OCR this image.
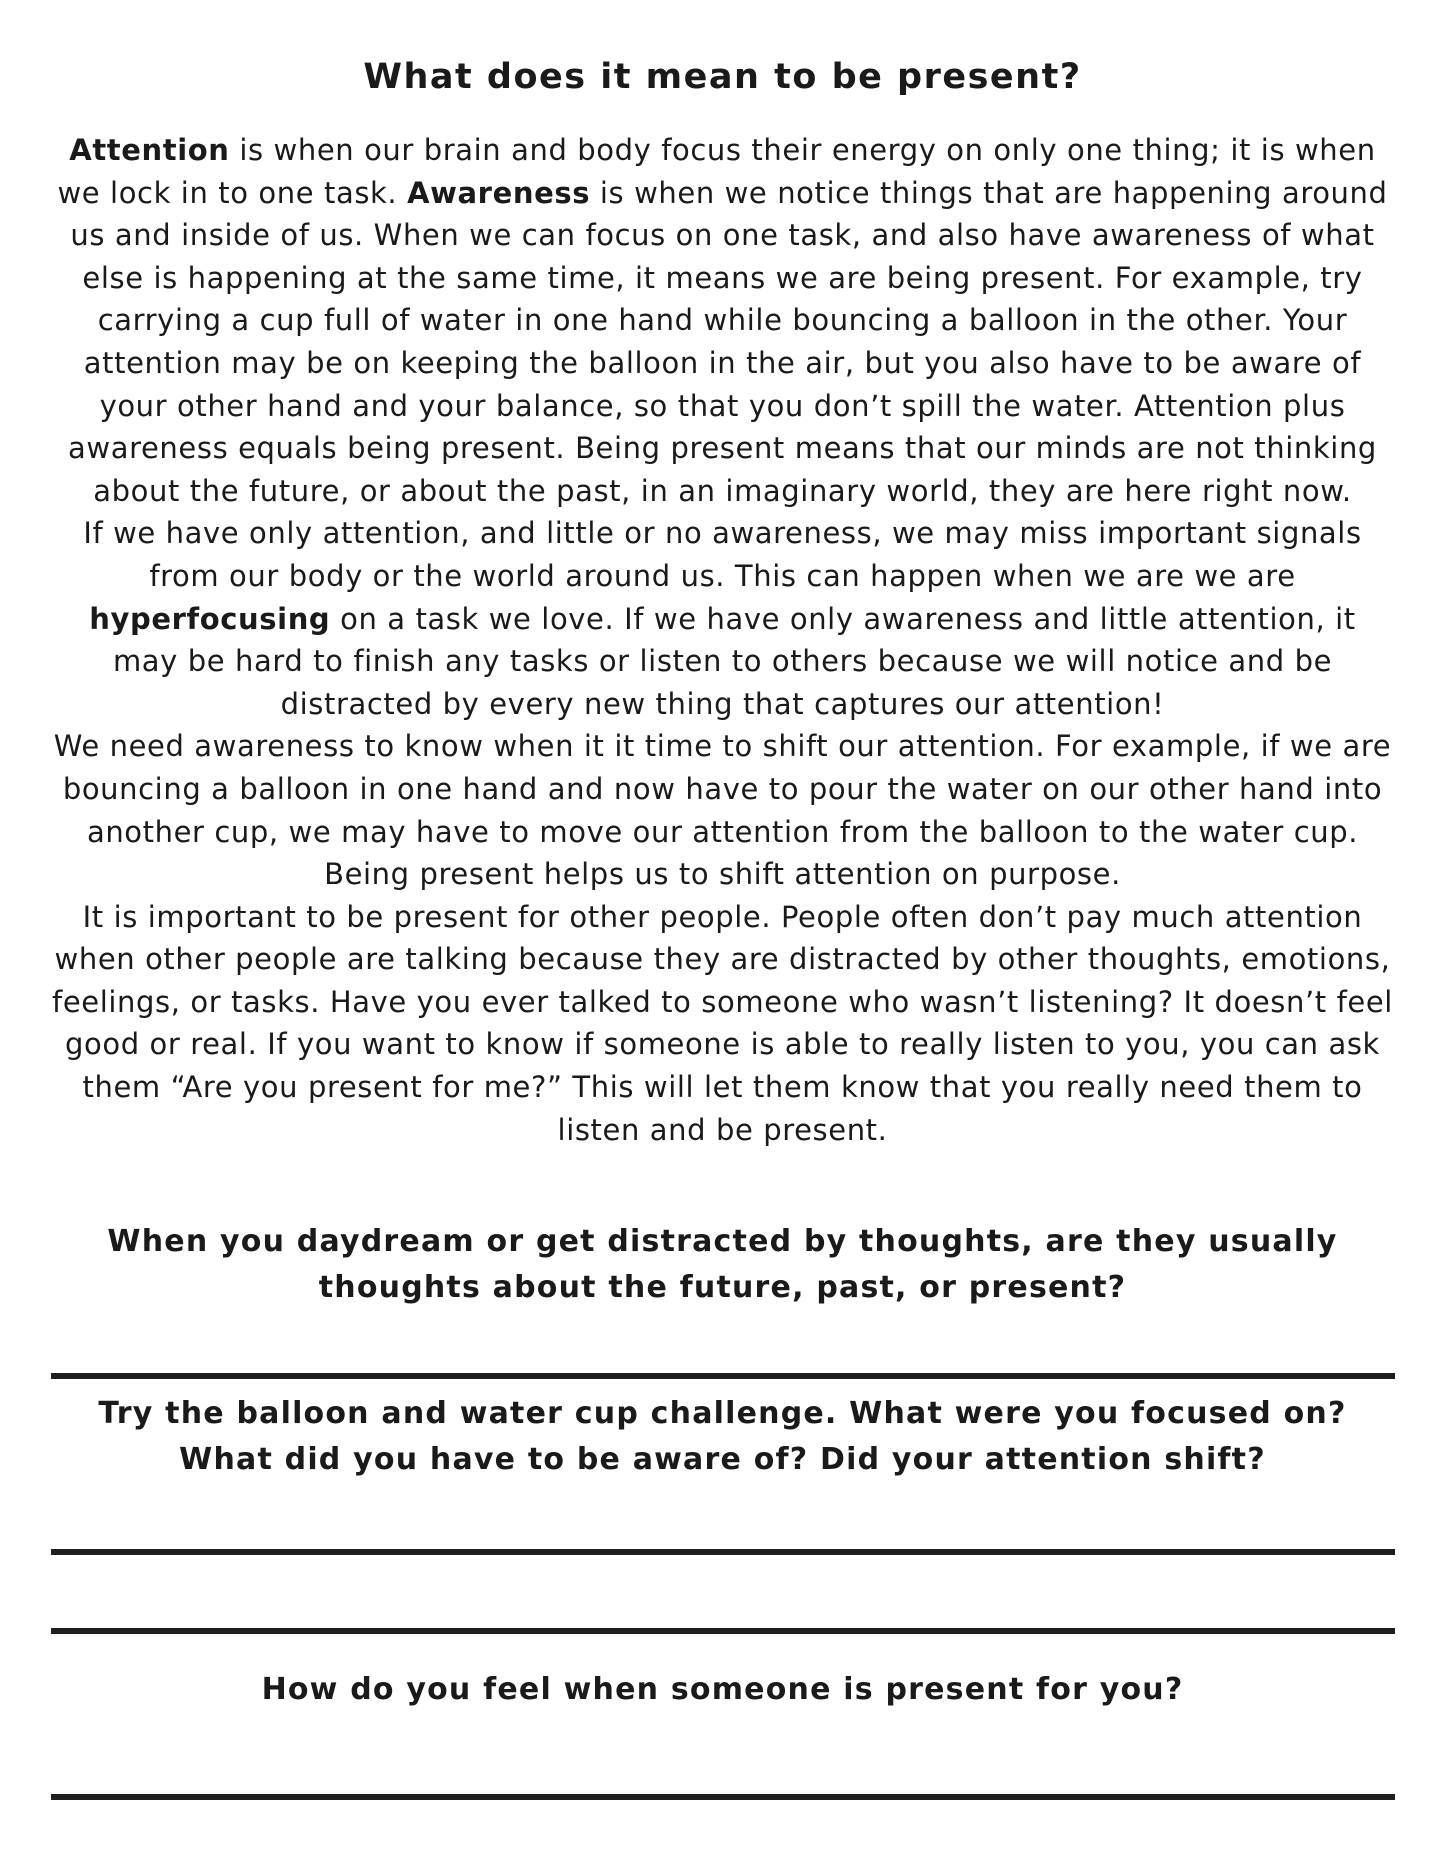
What does it mean to be present?

Attention is when our brain and body focus their energy on only one thing; it is when we lock in to one task. Awareness is when we notice things that are happening around us and inside of us. When we can focus on one task, and also have awareness of what else is happening at the same time, it means we are being present. For example, try carrying a cup full of water in one hand while bouncing a balloon in the other. Your attention may be on keeping the balloon in the air, but you also have to be aware of your other hand and your balance, so that you don’t spill the water. Attention plus awareness equals being present. Being present means that our minds are not thinking about the future, or about the past, in an imaginary world, they are here right now.

If we have only attention, and little or no awareness, we may miss important signals from our body or the world around us. This can happen when we are we are hyperfocusing on a task we love. If we have only awareness and little attention, it may be hard to finish any tasks or listen to others because we will notice and be distracted by every new thing that captures our attention!

We need awareness to know when it it time to shift our attention. For example, if we are bouncing a balloon in one hand and now have to pour the water on our other hand into another cup, we may have to move our attention from the balloon to the water cup. Being present helps us to shift attention on purpose.

It is important to be present for other people. People often don’t pay much attention when other people are talking because they are distracted by other thoughts, emotions, feelings, or tasks. Have you ever talked to someone who wasn’t listening? It doesn’t feel good or real. If you want to know if someone is able to really listen to you, you can ask them “Are you present for me?” This will let them know that you really need them to listen and be present.

When you daydream or get distracted by thoughts, are they usually thoughts about the future, past, or present?

Try the balloon and water cup challenge. What were you focused on? What did you have to be aware of? Did your attention shift?

How do you feel when someone is present for you?
